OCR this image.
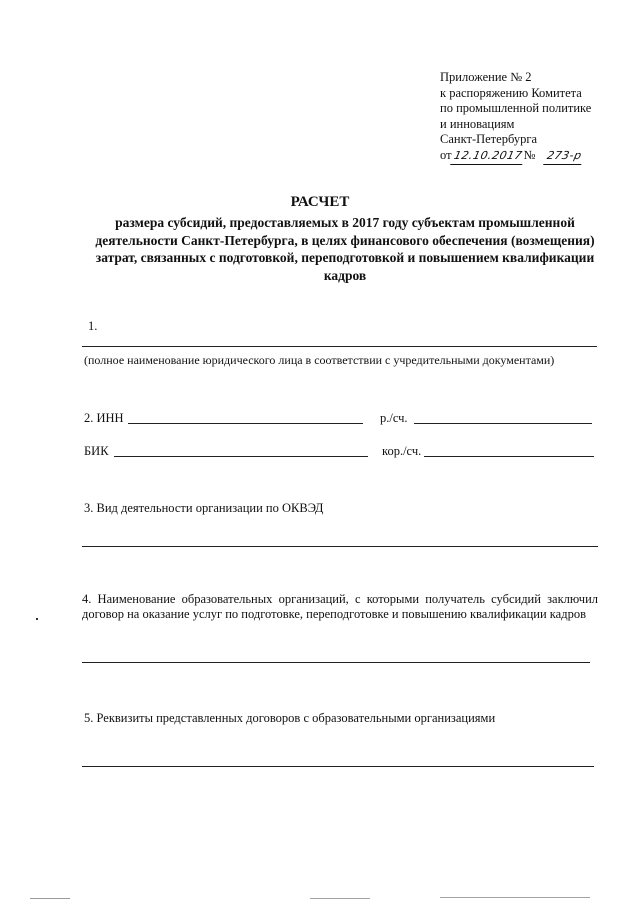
Приложение № 2
к распоряжению Комитета
по промышленной политике
и инновациям
Санкт-Петербурга
от12.10.2017№ 273-р
РАСЧЕТ
размера субсидий, предоставляемых в 2017 году субъектам промышленной деятельности Санкт-Петербурга, в целях финансового обеспечения (возмещения) затрат, связанных с подготовкой, переподготовкой и повышением квалификации кадров
1.
(полное наименование юридического лица в соответствии с учредительными документами)
2. ИНН	р./сч.
БИК	кор./сч.
3. Вид деятельности организации по ОКВЭД
4. Наименование образовательных организаций, с которыми получатель субсидий заключил договор на оказание услуг по подготовке, переподготовке и повышению квалификации кадров
5. Реквизиты представленных договоров с образовательными организациями
